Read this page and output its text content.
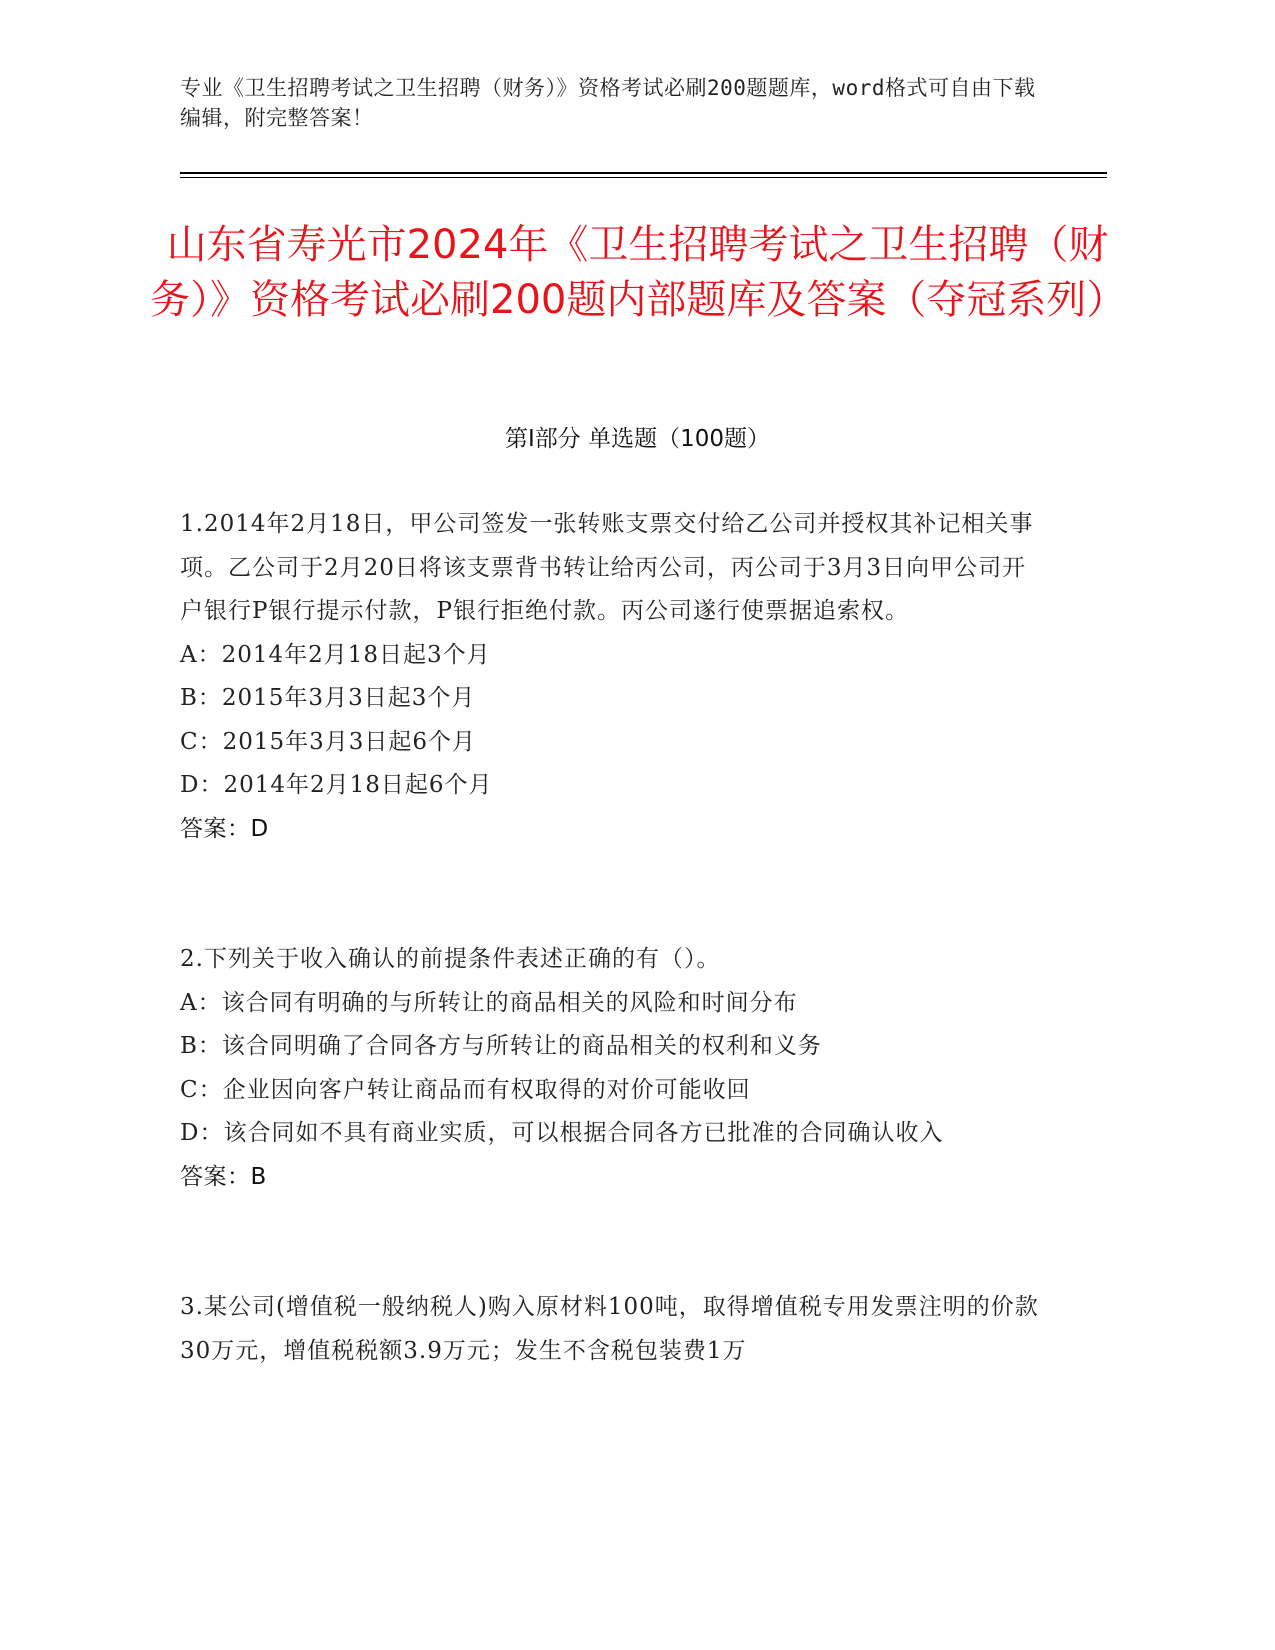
专业《卫生招聘考试之卫生招聘（财务）》资格考试必刷200题题库，word格式可自由下载编辑，附完整答案！
山东省寿光市2024年《卫生招聘考试之卫生招聘（财务）》资格考试必刷200题内部题库及答案（夺冠系列）
第Ⅰ部分 单选题（100题）

1.2014年2月18日，甲公司签发一张转账支票交付给乙公司并授权其补记相关事项。乙公司于2月20日将该支票背书转让给丙公司，丙公司于3月3日向甲公司开户银行P银行提示付款，P银行拒绝付款。丙公司遂行使票据追索权。

A：2014年2月18日起3个月

B：2015年3月3日起3个月

C：2015年3月3日起6个月

D：2014年2月18日起6个月

答案：D

2.下列关于收入确认的前提条件表述正确的有（）。

A：该合同有明确的与所转让的商品相关的风险和时间分布

B：该合同明确了合同各方与所转让的商品相关的权利和义务

C：企业因向客户转让商品而有权取得的对价可能收回

D：该合同如不具有商业实质，可以根据合同各方已批准的合同确认收入

答案：B

3.某公司(增值税一般纳税人)购入原材料100吨，取得增值税专用发票注明的价款30万元，增值税税额3.9万元；发生不含税包装费1万
